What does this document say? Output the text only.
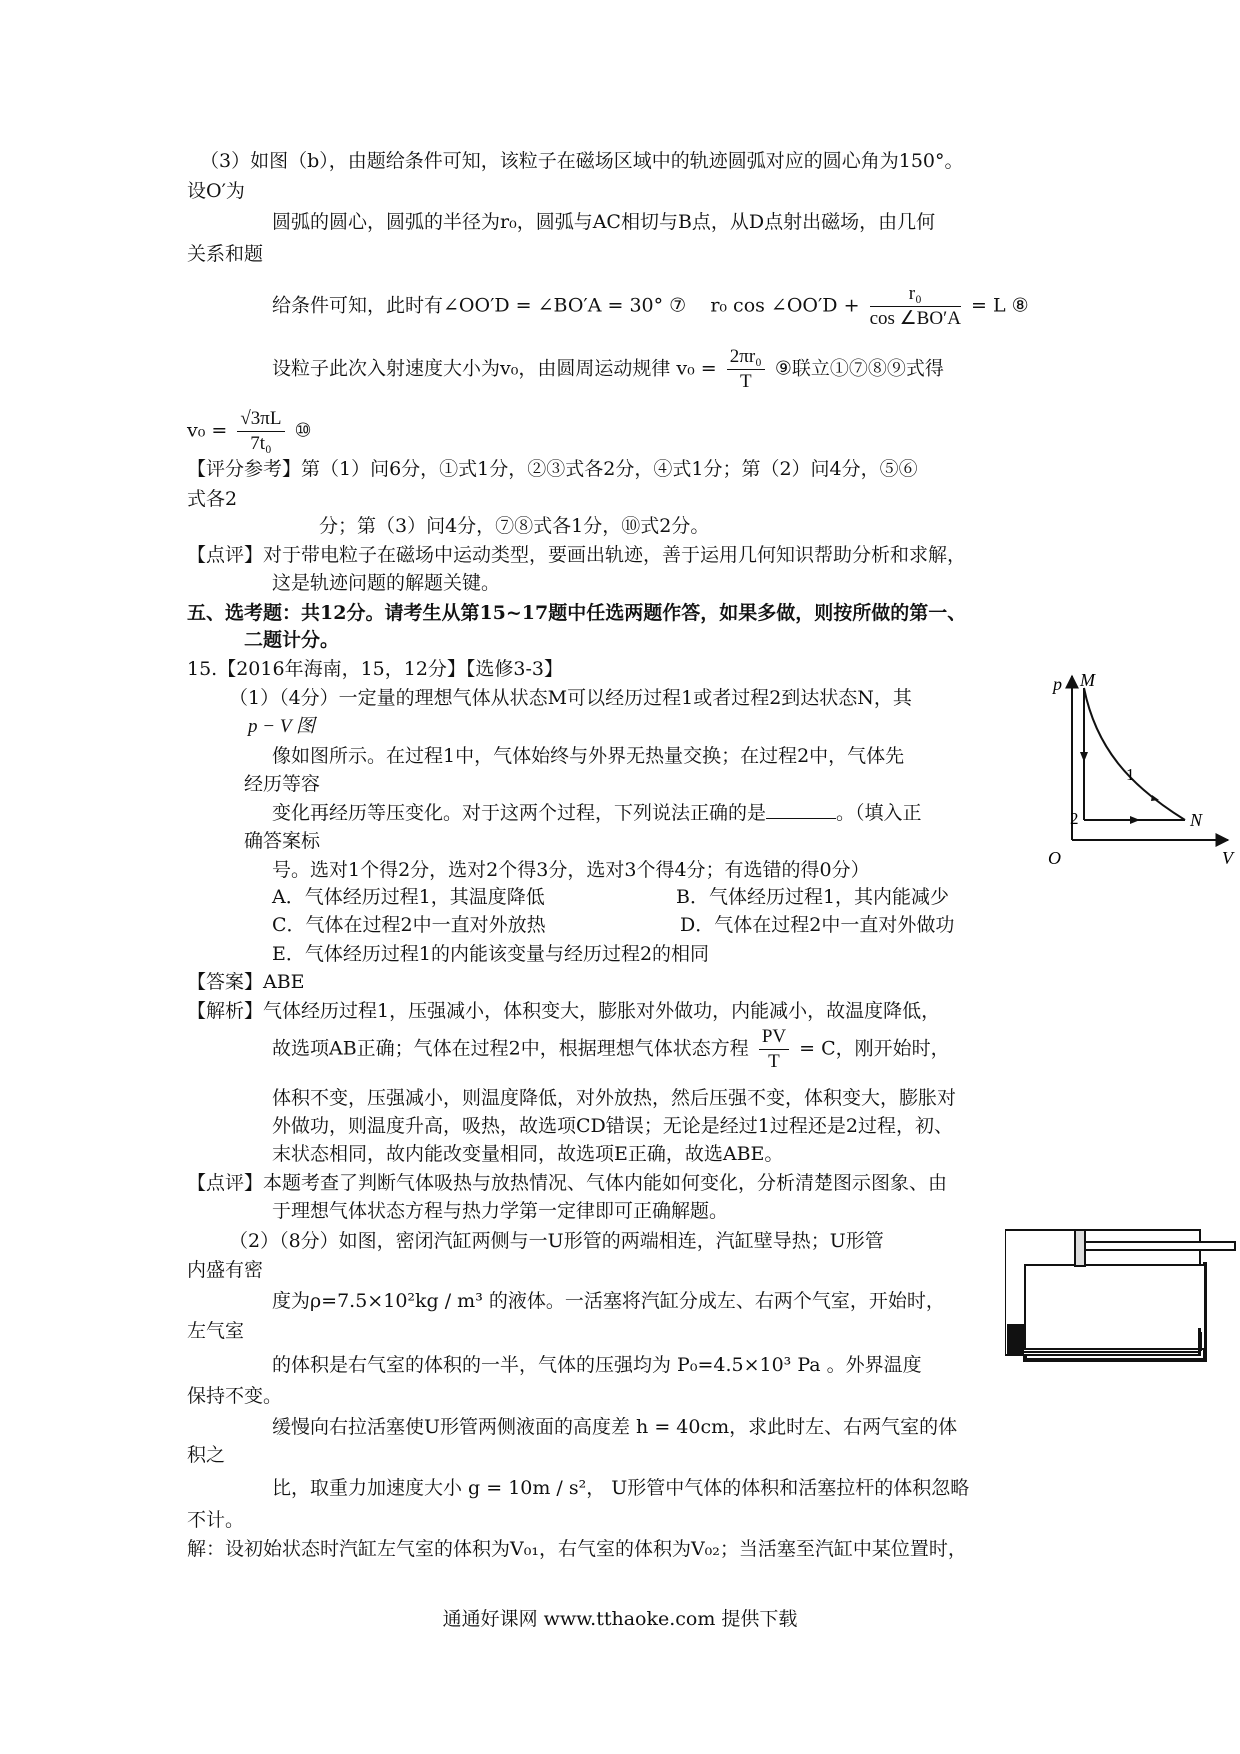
（3）如图（b），由题给条件可知，该粒子在磁场区域中的轨迹圆弧对应的圆心角为150°。
设O′为
圆弧的圆心，圆弧的半径为r₀，圆弧与AC相切与B点，从D点射出磁场，由几何
关系和题
给条件可知，此时有∠OO′D = ∠BO′A = 30° ⑦ r₀ cos ∠OO′D + $\frac{\text{r₀}}{\cos \angle BO'A} = L$ ⑧
设粒子此次入射速度大小为v₀，由圆周运动规律 $v_0 = \frac{\text{2πr₀}}{T}$ ⑨联立①⑦⑧⑨式得
$v_0 = \frac{√3\pi L}{\text{7t₀}}$ ⑩
【评分参考】第（1）问6分，①式1分，②③式各2分，④式1分；第（2）问4分，⑤⑥
式各2
分；第（3）问4分，⑦⑧式各1分，⑩式2分。
【点评】对于带电粒子在磁场中运动类型，要画出轨迹，善于运用几何知识帮助分析和求解，
这是轨迹问题的解题关键。
五、选考题：共12分。请考生从第15~17题中任选两题作答，如果多做，则按所做的第一、
二题计分。
15.【2016年海南，15，12分】【选修3-3】
（1）（4分）一定量的理想气体从状态M可以经历过程1或者过程2到达状态N，其
p − V 图
像如图所示。在过程1中，气体始终与外界无热量交换；在过程2中，气体先
经历等容
变化再经历等压变化。对于这两个过程，下列说法正确的是	。（填入正
确答案标
号。选对1个得2分，选对2个得3分，选对3个得4分；有选错的得0分）
A．气体经历过程1，其温度降低	B．气体经历过程1，其内能减少
C．气体在过程2中一直对外放热	D．气体在过程2中一直对外做功
E．气体经历过程1的内能该变量与经历过程2的相同
【答案】ABE
【解析】气体经历过程1，压强减小，体积变大，膨胀对外做功，内能减小，故温度降低，
故选项AB正确；气体在过程2中，根据理想气体状态方程 $\frac{PV}{T} = C$，刚开始时，
体积不变，压强减小，则温度降低，对外放热，然后压强不变，体积变大，膨胀对
外做功，则温度升高，吸热，故选项CD错误；无论是经过1过程还是2过程，初、
末状态相同，故内能改变量相同，故选项E正确，故选ABE。
【点评】本题考查了判断气体吸热与放热情况、气体内能如何变化，分析清楚图示图象、由
于理想气体状态方程与热力学第一定律即可正确解题。
（2）（8分）如图，密闭汽缸两侧与一U形管的两端相连，汽缸壁导热；U形管
内盛有密
度为ρ=7.5×10²kg / m³ 的液体。一活塞将汽缸分成左、右两个气室，开始时，
左气室
的体积是右气室的体积的一半，气体的压强均为 P₀=4.5×10³ Pa 。外界温度
保持不变。
缓慢向右拉活塞使U形管两侧液面的高度差 h = 40cm，求此时左、右两气室的体
积之
比，取重力加速度大小 g = 10m / s²， U形管中气体的体积和活塞拉杆的体积忽略
不计。
解：设初始状态时汽缸左气室的体积为V₀₁，右气室的体积为V₀₂；当活塞至汽缸中某位置时，
p
V
O
M
N
1
2
通通好课网 www.tthaoke.com 提供下载
